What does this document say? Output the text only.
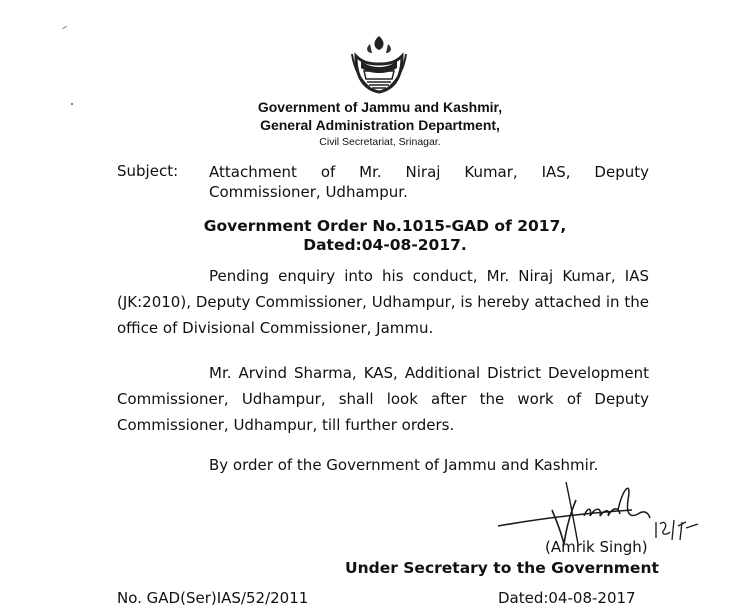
Government of Jammu and Kashmir,
General Administration Department,
Civil Secretariat, Srinagar.
Subject: Attachment of Mr. Niraj Kumar, IAS, Deputy Commissioner, Udhampur.
Government Order No.1015-GAD of 2017,
Dated:04-08-2017.
Pending enquiry into his conduct, Mr. Niraj Kumar, IAS (JK:2010), Deputy Commissioner, Udhampur, is hereby attached in the office of Divisional Commissioner, Jammu.
Mr. Arvind Sharma, KAS, Additional District Development Commissioner, Udhampur, shall look after the work of Deputy Commissioner, Udhampur, till further orders.
By order of the Government of Jammu and Kashmir.
(Amrik Singh)
Under Secretary to the Government
No. GAD(Ser)IAS/52/2011	Dated:04-08-2017
